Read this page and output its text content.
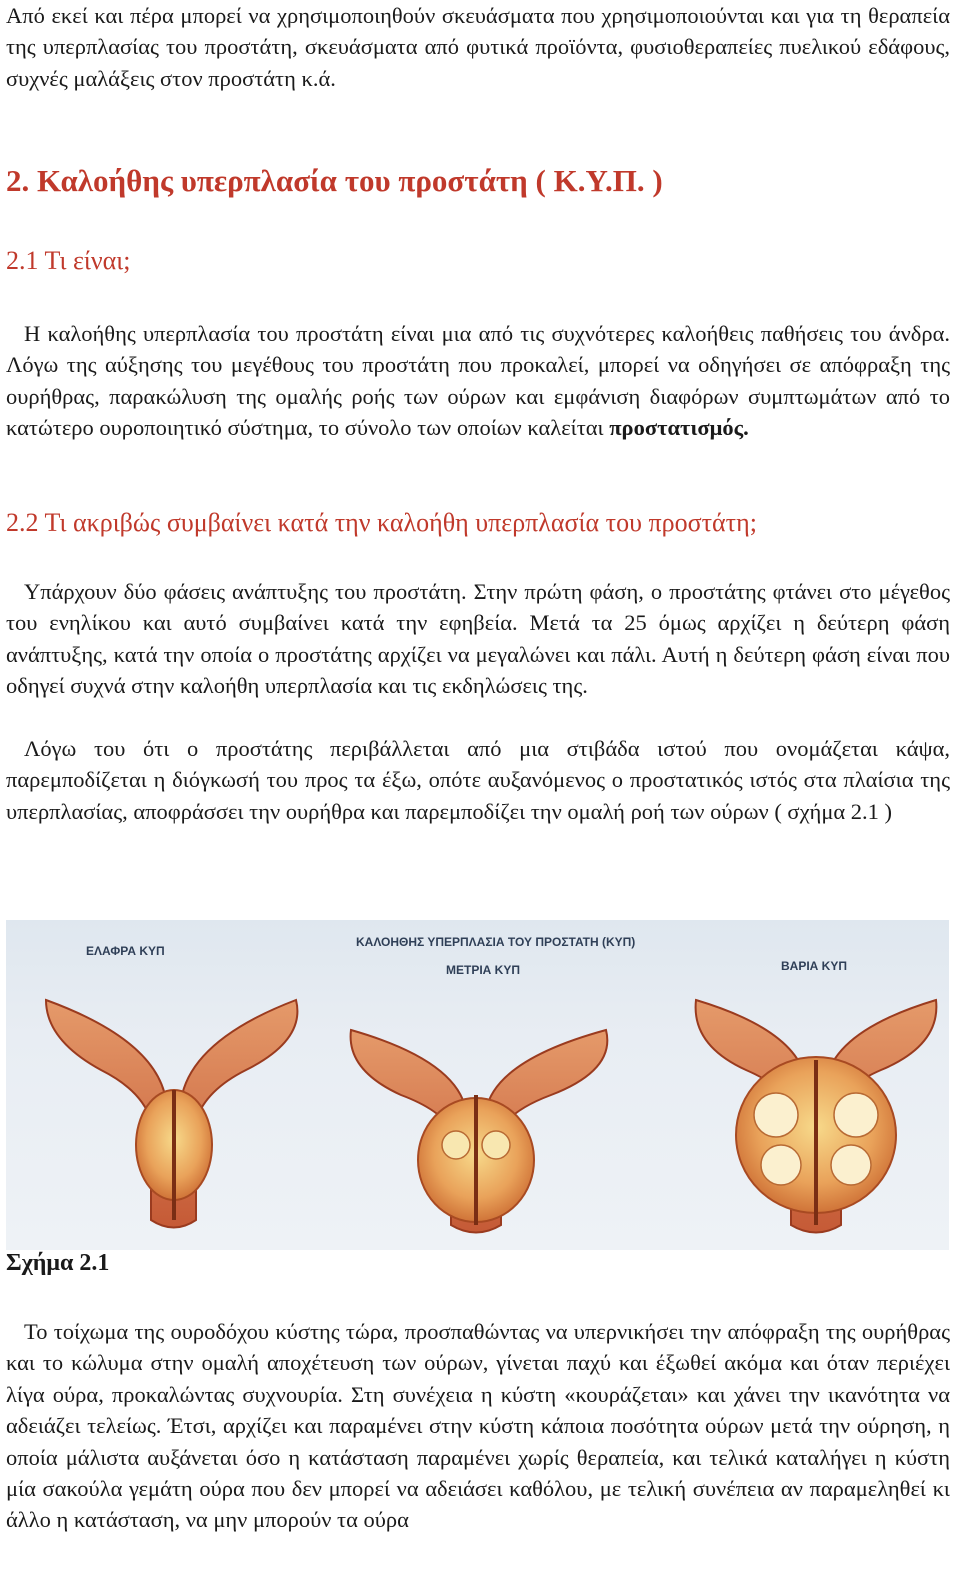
Από εκεί και πέρα μπορεί να χρησιμοποιηθούν σκευάσματα που χρησιμοποιούνται και για τη θεραπεία της υπερπλασίας του προστάτη, σκευάσματα από φυτικά προϊόντα, φυσιοθεραπείες πυελικού εδάφους, συχνές μαλάξεις στον προστάτη κ.ά.

2. Καλοήθης υπερπλασία του προστάτη ( Κ.Υ.Π. )
2.1 Τι είναι;

Η καλοήθης υπερπλασία του προστάτη είναι μια από τις συχνότερες καλοήθεις παθήσεις του άνδρα. Λόγω της αύξησης του μεγέθους του προστάτη που προκαλεί, μπορεί να οδηγήσει σε απόφραξη της ουρήθρας, παρακώλυση της ομαλής ροής των ούρων και εμφάνιση διαφόρων συμπτωμάτων από το κατώτερο ουροποιητικό σύστημα, το σύνολο των οποίων καλείται προστατισμός.

2.2 Τι ακριβώς συμβαίνει κατά την καλοήθη υπερπλασία του προστάτη;

Υπάρχουν δύο φάσεις ανάπτυξης του προστάτη. Στην πρώτη φάση, ο προστάτης φτάνει στο μέγεθος του ενηλίκου και αυτό συμβαίνει κατά την εφηβεία. Μετά τα 25 όμως αρχίζει η δεύτερη φάση ανάπτυξης, κατά την οποία ο προστάτης αρχίζει να μεγαλώνει και πάλι. Αυτή η δεύτερη φάση είναι που οδηγεί συχνά στην καλοήθη υπερπλασία και τις εκδηλώσεις της.

Λόγω του ότι ο προστάτης περιβάλλεται από μια στιβάδα ιστού που ονομάζεται κάψα, παρεμποδίζεται η διόγκωσή του προς τα έξω, οπότε αυξανόμενος ο προστατικός ιστός στα πλαίσια της υπερπλασίας, αποφράσσει την ουρήθρα και παρεμποδίζει την ομαλή ροή των ούρων ( σχήμα 2.1 )

ΚΑΛΟΗΘΗΣ ΥΠΕΡΠΛΑΣΙΑ ΤΟΥ ΠΡΟΣΤΑΤΗ (ΚΥΠ)
ΕΛΑΦΡΑ ΚΥΠ
ΜΕΤΡΙΑ ΚΥΠ	ΒΑΡΙΑ ΚΥΠ

Σχήμα 2.1

Το τοίχωμα της ουροδόχου κύστης τώρα, προσπαθώντας να υπερνικήσει την απόφραξη της ουρήθρας και το κώλυμα στην ομαλή αποχέτευση των ούρων, γίνεται παχύ και έξωθεί ακόμα και όταν περιέχει λίγα ούρα, προκαλώντας συχνουρία. Στη συνέχεια η κύστη «κουράζεται» και χάνει την ικανότητα να αδειάζει τελείως. Έτσι, αρχίζει και παραμένει στην κύστη κάποια ποσότητα ούρων μετά την ούρηση, η οποία μάλιστα αυξάνεται όσο η κατάσταση παραμένει χωρίς θεραπεία, και τελικά καταλήγει η κύστη μία σακούλα γεμάτη ούρα που δεν μπορεί να αδειάσει καθόλου, με τελική συνέπεια αν παραμεληθεί κι άλλο η κατάσταση, να μην μπορούν τα ούρα
